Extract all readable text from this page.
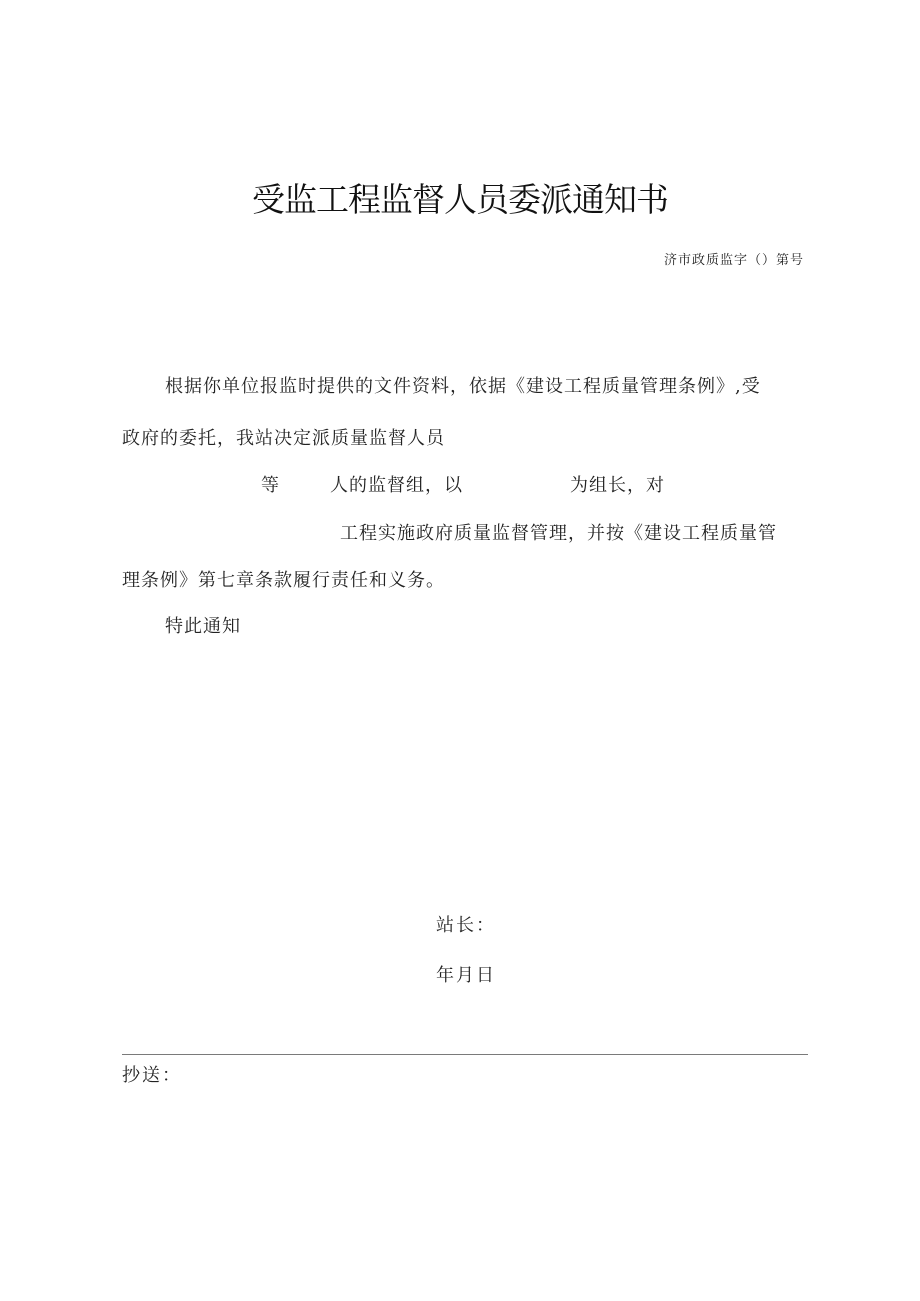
受监工程监督人员委派通知书
济市政质监字（）第号
根据你单位报监时提供的文件资料，依据《建设工程质量管理条例》,受
政府的委托，我站决定派质量监督人员
等	人的监督组，以	为组长，对
工程实施政府质量监督管理，并按《建设工程质量管
理条例》第七章条款履行责任和义务。
特此通知
站长：
年月日
抄送：
